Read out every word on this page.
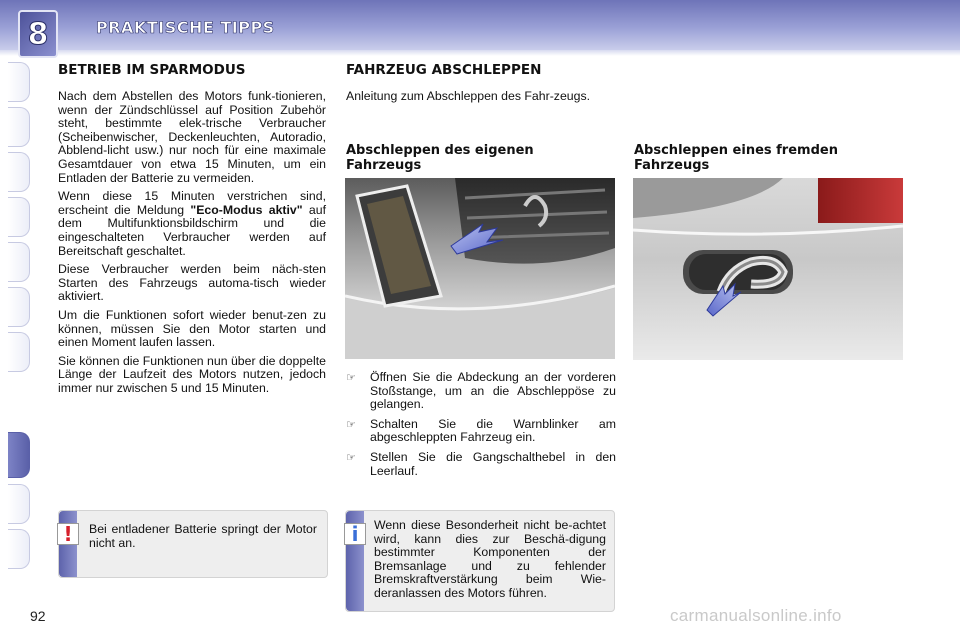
8	PRAKTISCHE TIPPS
BETRIEB IM SPARMODUS

Nach dem Abstellen des Motors funk-tionieren, wenn der Zündschlüssel auf Position Zubehör steht, bestimmte elek-trische Verbraucher (Scheibenwischer, Deckenleuchten, Autoradio, Abblend-licht usw.) nur noch für eine maximale Gesamtdauer von etwa 15 Minuten, um ein Entladen der Batterie zu vermeiden.

Wenn diese 15 Minuten verstrichen sind, erscheint die Meldung "Eco-Modus aktiv" auf dem Multifunktionsbildschirm und die eingeschalteten Verbraucher werden auf Bereitschaft geschaltet.

Diese Verbraucher werden beim näch-sten Starten des Fahrzeugs automa-tisch wieder aktiviert.

Um die Funktionen sofort wieder benut-zen zu können, müssen Sie den Motor starten und einen Moment laufen lassen.

Sie können die Funktionen nun über die doppelte Länge der Laufzeit des Motors nutzen, jedoch immer nur zwischen 5 und 15 Minuten.

!	Bei entladener Batterie springt der Motor nicht an.
FAHRZEUG ABSCHLEPPEN

Anleitung zum Abschleppen des Fahr-zeugs.

Abschleppen des eigenen Fahrzeugs
Abschleppen eines fremden Fahrzeugs
☞ Öffnen Sie die Abdeckung an der vorderen Stoßstange, um an die Abschleppöse zu gelangen.
☞ Schalten Sie die Warnblinker am abgeschleppten Fahrzeug ein.
☞ Stellen Sie die Gangschalthebel in den Leerlauf.
i	Wenn diese Besonderheit nicht be-achtet wird, kann dies zur Beschä-digung bestimmter Komponenten der Bremsanlage und zu fehlender Bremskraftverstärkung beim Wie-deranlassen des Motors führen.
92	carmanualsonline.info
